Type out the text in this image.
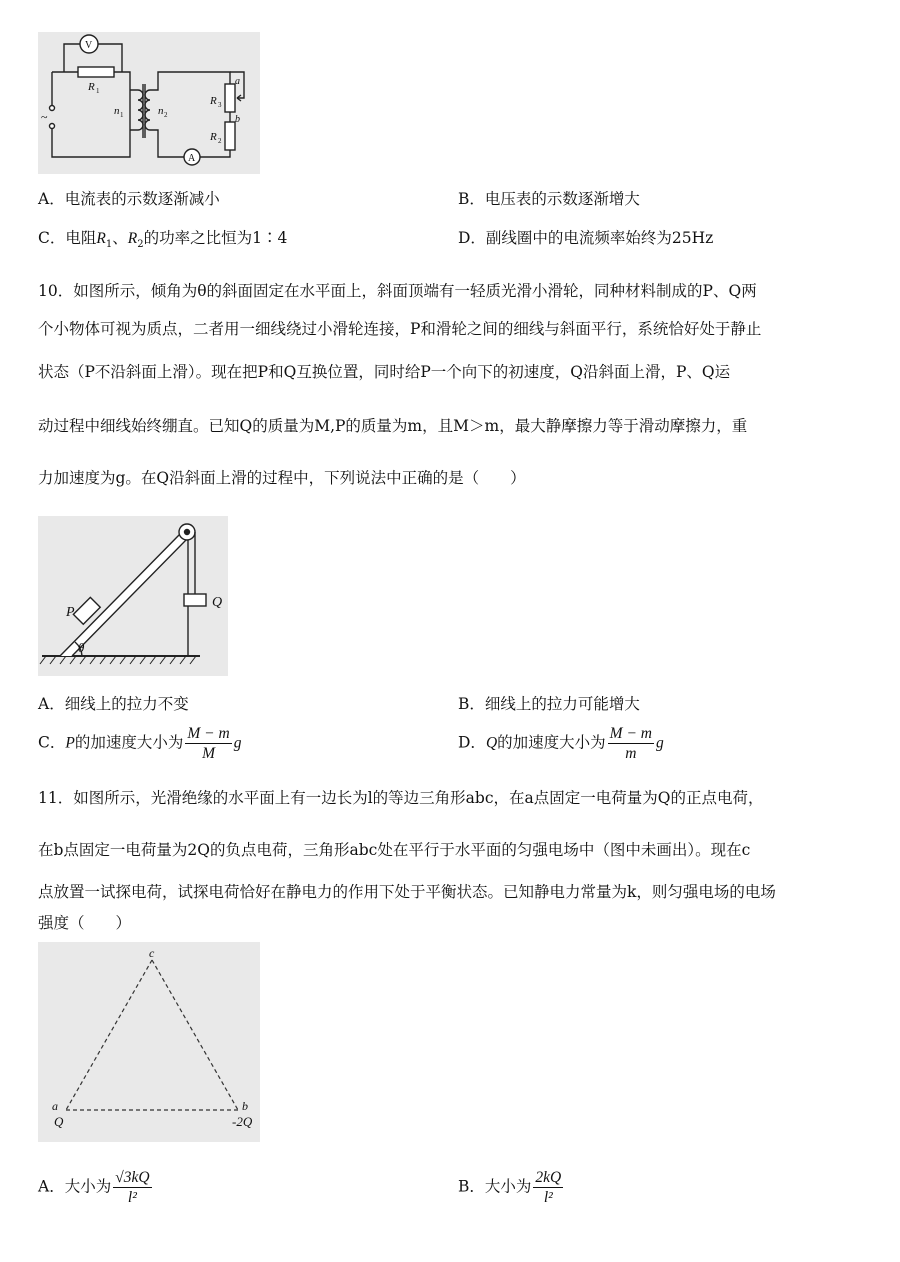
V
R 1
n 1	n 2
a
R 3
b
R 2
A
~
A．电流表的示数逐渐减小	B．电压表的示数逐渐增大
C．电阻$R_1$、$R_2$的功率之比恒为1∶4	D．副线圈中的电流频率始终为25Hz
10．如图所示，倾角为θ的斜面固定在水平面上，斜面顶端有一轻质光滑小滑轮，同种材料制成的P、Q两
个小物体可视为质点，二者用一细线绕过小滑轮连接，P和滑轮之间的细线与斜面平行，系统恰好处于静止
状态（P不沿斜面上滑）。现在把P和Q互换位置，同时给P一个向下的初速度，Q沿斜面上滑，P、Q运
动过程中细线始终绷直。已知Q的质量为M,P的质量为m，且M＞m，最大静摩擦力等于滑动摩擦力，重
力加速度为g。在Q沿斜面上滑的过程中，下列说法中正确的是（　　）
P
Q
θ
A．细线上的拉力不变	B．细线上的拉力可能增大
C．P的加速度大小为 $\frac{M - m}{M}$ g	D．Q的加速度大小为 $\frac{M - m}{m}$ g
11．如图所示，光滑绝缘的水平面上有一边长为l的等边三角形abc，在a点固定一电荷量为Q的正点电荷，
在b点固定一电荷量为2Q的负点电荷，三角形abc处在平行于水平面的匀强电场中（图中未画出）。现在c
点放置一试探电荷，试探电荷恰好在静电力的作用下处于平衡状态。已知静电力常量为k，则匀强电场的电场
强度（　　）
c
a	b
Q	-2Q
A．大小为 $\frac{√3kQ}{\text{l²}}$	B．大小为 $\frac{2kQ}{\text{l²}}$
